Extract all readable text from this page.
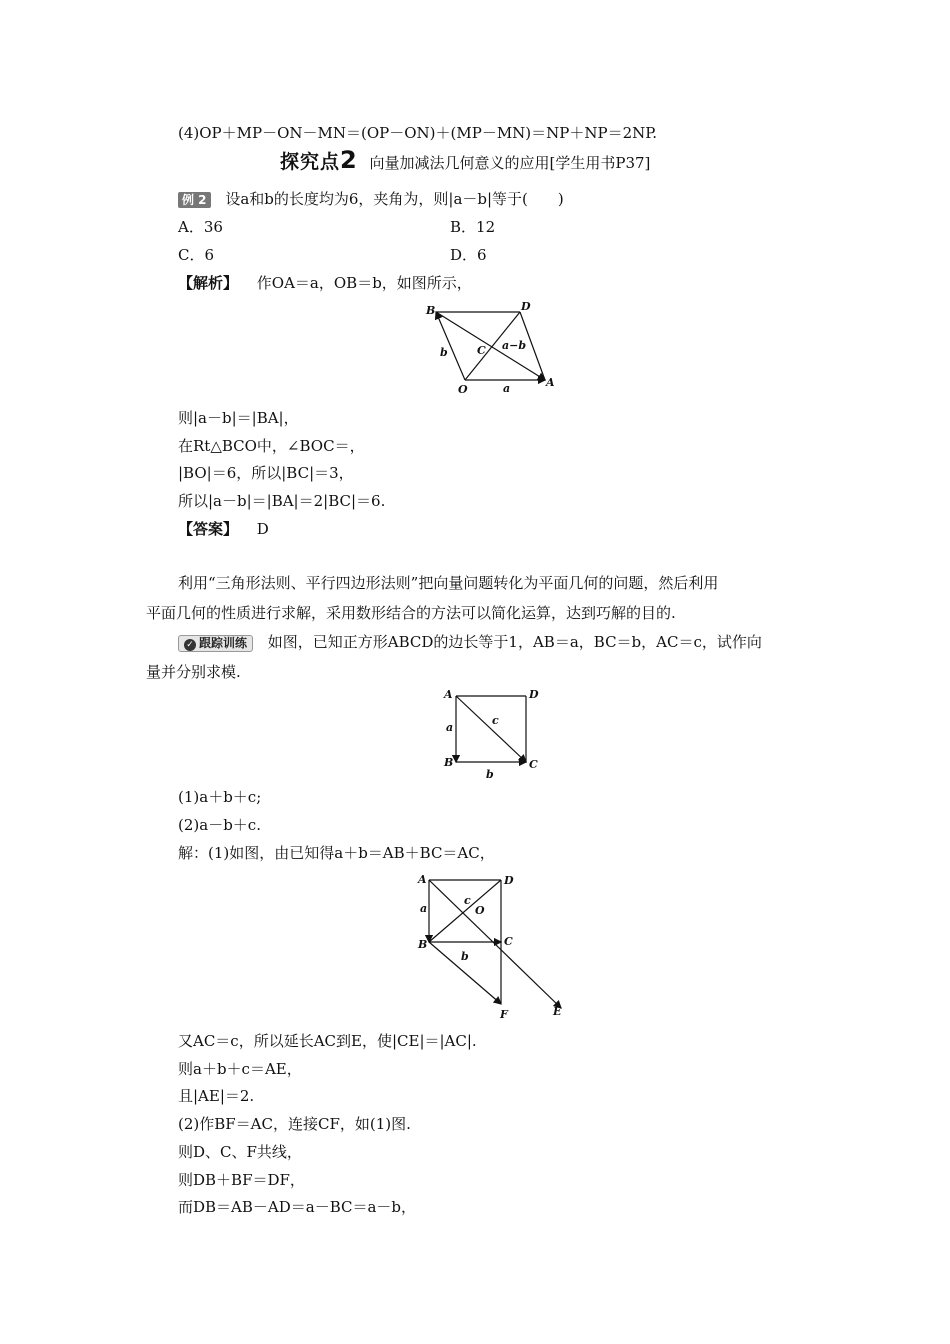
(4)OP＋MP－ON－MN＝(OP－ON)＋(MP－MN)＝NP＋NP＝2NP.
探究点2 向量加减法几何意义的应用[学生用书P37]
例 2 设a和b的长度均为6，夹角为，则|a－b|等于(　　)
A．36	B．12
C．6	D．6
【解析】 作OA＝a，OB＝b，如图所示，
B	D
C
O
A
b
a
a−b
则|a－b|＝|BA|，
在Rt△BCO中，∠BOC＝，
|BO|＝6，所以|BC|＝3，
所以|a－b|＝|BA|＝2|BC|＝6.
【答案】 D
利用“三角形法则、平行四边形法则”把向量问题转化为平面几何的问题，然后利用
平面几何的性质进行求解，采用数形结合的方法可以简化运算，达到巧解的目的.
✓ 跟踪训练 如图，已知正方形ABCD的边长等于1，AB＝a，BC＝b，AC＝c，试作向
量并分别求模.
A	D
B	C
a
b
c
(1)a＋b＋c;
(2)a－b＋c.
解：(1)如图，由已知得a＋b＝AB＋BC＝AC，
A	D
B	C
O
E
F
a
b
c
又AC＝c，所以延长AC到E，使|CE|＝|AC|.
则a＋b＋c＝AE，
且|AE|＝2.
(2)作BF＝AC，连接CF，如(1)图.
则D、C、F共线，
则DB＋BF＝DF，
而DB＝AB－AD＝a－BC＝a－b，
